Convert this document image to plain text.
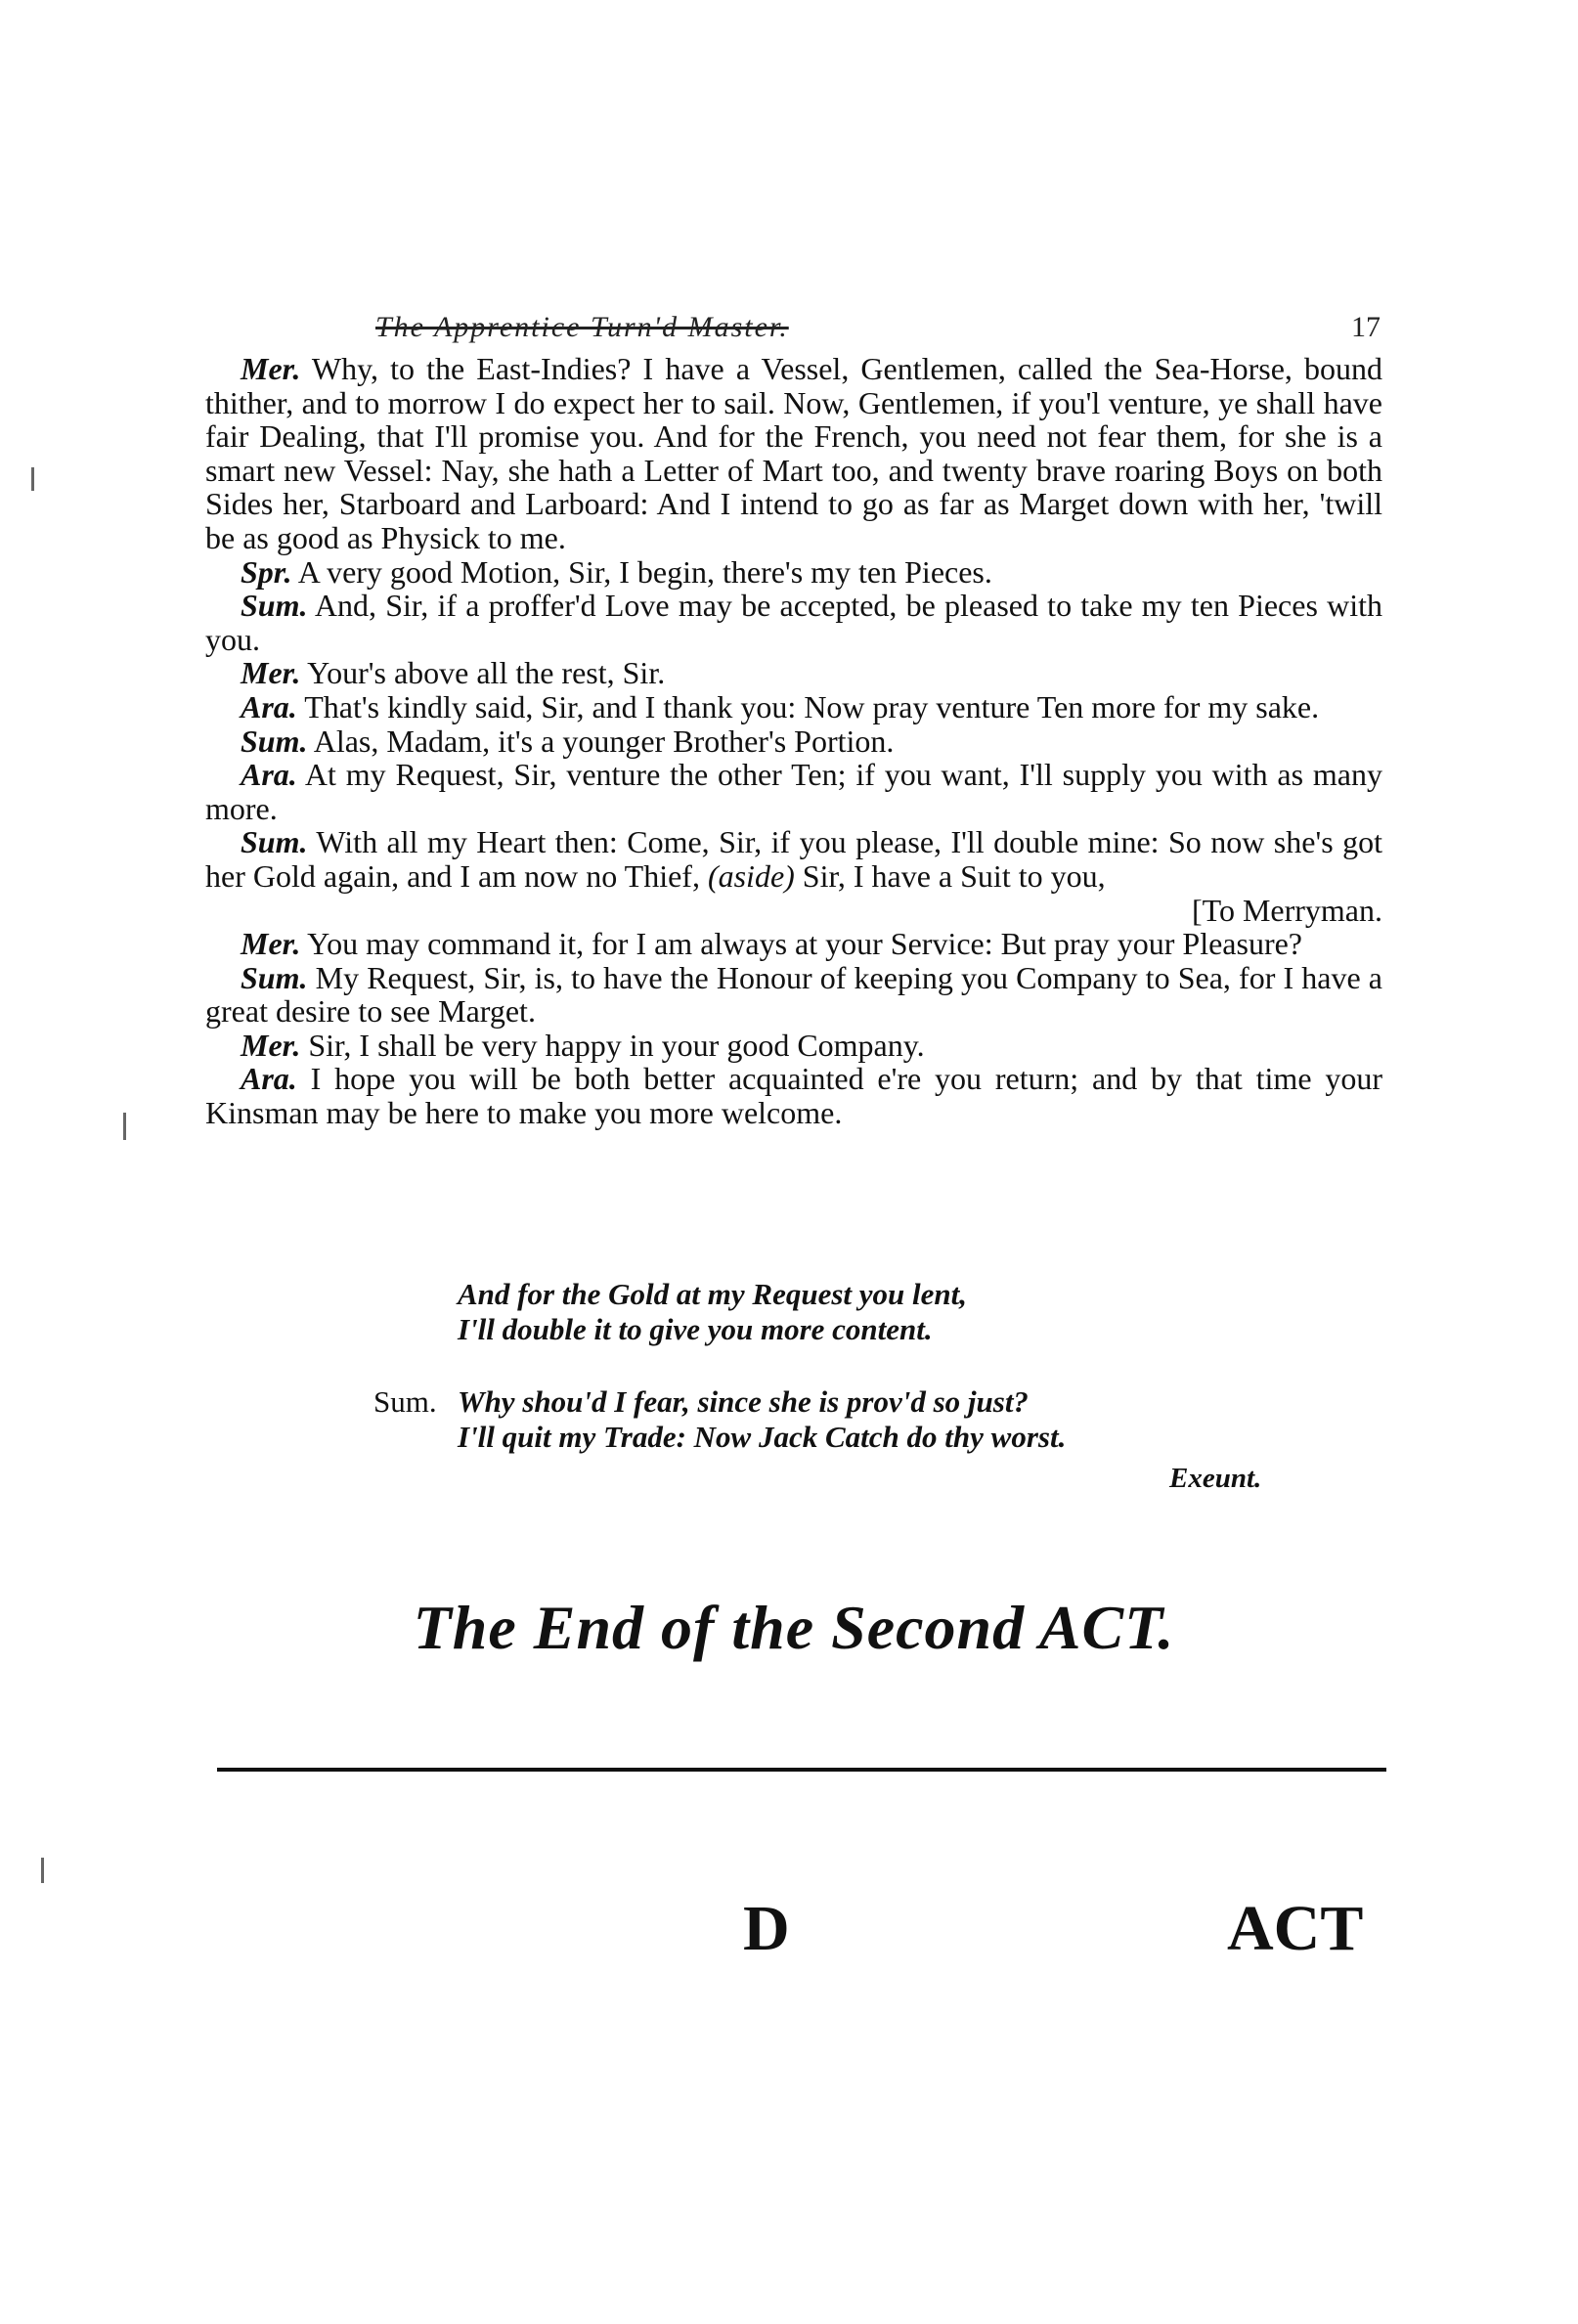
The Apprentice Turn'd Master.	17

Mer. Why, to the East-Indies? I have a Vessel, Gentlemen, called the Sea-Horse, bound thither, and to morrow I do expect her to sail. Now, Gentlemen, if you'l venture, ye shall have fair Dealing, that I'll promise you. And for the French, you need not fear them, for she is a smart new Vessel: Nay, she hath a Letter of Mart too, and twenty brave roaring Boys on both Sides her, Starboard and Larboard: And I intend to go as far as Marget down with her, 'twill be as good as Physick to me.

Spr. A very good Motion, Sir, I begin, there's my ten Pieces.

Sum. And, Sir, if a proffer'd Love may be accepted, be pleased to take my ten Pieces with you.

Mer. Your's above all the rest, Sir.

Ara. That's kindly said, Sir, and I thank you: Now pray venture Ten more for my sake.

Sum. Alas, Madam, it's a younger Brother's Portion.

Ara. At my Request, Sir, venture the other Ten; if you want, I'll supply you with as many more.

Sum. With all my Heart then: Come, Sir, if you please, I'll double mine: So now she's got her Gold again, and I am now no Thief, (aside) Sir, I have a Suit to you,

[To Merryman.

Mer. You may command it, for I am always at your Service: But pray your Pleasure?

Sum. My Request, Sir, is, to have the Honour of keeping you Company to Sea, for I have a great desire to see Marget.

Mer. Sir, I shall be very happy in your good Company.

Ara. I hope you will be both better acquainted e're you return; and by that time your Kinsman may be here to make you more welcome.

And for the Gold at my Request you lent,
I'll double it to give you more content.
Sum. Why shou'd I fear, since she is prov'd so just?
I'll quit my Trade: Now Jack Catch do thy worst.
Exeunt.
The End of the Second ACT.
D	ACT
